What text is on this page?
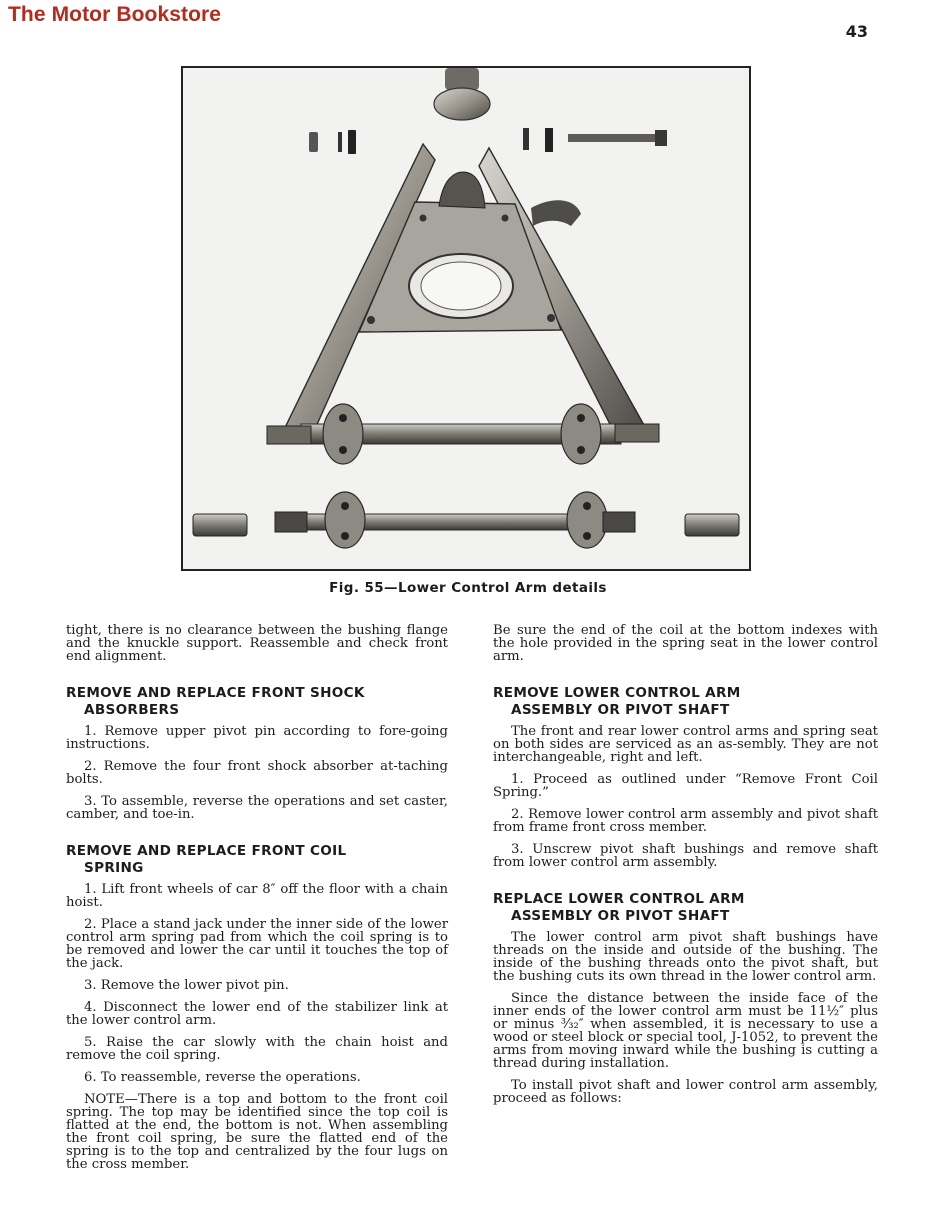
The Motor Bookstore
43
Fig. 55—Lower Control Arm details

tight, there is no clearance between the bushing flange and the knuckle support. Reassemble and check front end alignment.

REMOVE AND REPLACE FRONT SHOCK
ABSORBERS

1. Remove upper pivot pin according to fore-going instructions.

2. Remove the four front shock absorber at-taching bolts.

3. To assemble, reverse the operations and set caster, camber, and toe-in.

REMOVE AND REPLACE FRONT COIL
SPRING

1. Lift front wheels of car 8″ off the floor with a chain hoist.

2. Place a stand jack under the inner side of the lower control arm spring pad from which the coil spring is to be removed and lower the car until it touches the top of the jack.

3. Remove the lower pivot pin.

4. Disconnect the lower end of the stabilizer link at the lower control arm.

5. Raise the car slowly with the chain hoist and remove the coil spring.

6. To reassemble, reverse the operations.

NOTE—There is a top and bottom to the front coil spring. The top may be identified since the top coil is flatted at the end, the bottom is not. When assembling the front coil spring, be sure the flatted end of the spring is to the top and centralized by the four lugs on the cross member.

Be sure the end of the coil at the bottom indexes with the hole provided in the spring seat in the lower control arm.

REMOVE LOWER CONTROL ARM
ASSEMBLY OR PIVOT SHAFT

The front and rear lower control arms and spring seat on both sides are serviced as an as-sembly. They are not interchangeable, right and left.

1. Proceed as outlined under “Remove Front Coil Spring.”

2. Remove lower control arm assembly and pivot shaft from frame front cross member.

3. Unscrew pivot shaft bushings and remove shaft from lower control arm assembly.

REPLACE LOWER CONTROL ARM
ASSEMBLY OR PIVOT SHAFT

The lower control arm pivot shaft bushings have threads on the inside and outside of the bushing. The inside of the bushing threads onto the pivot shaft, but the bushing cuts its own thread in the lower control arm.

Since the distance between the inside face of the inner ends of the lower control arm must be 11½″ plus or minus ³⁄₃₂″ when assembled, it is necessary to use a wood or steel block or special tool, J-1052, to prevent the arms from moving inward while the bushing is cutting a thread during installation.

To install pivot shaft and lower control arm assembly, proceed as follows:
